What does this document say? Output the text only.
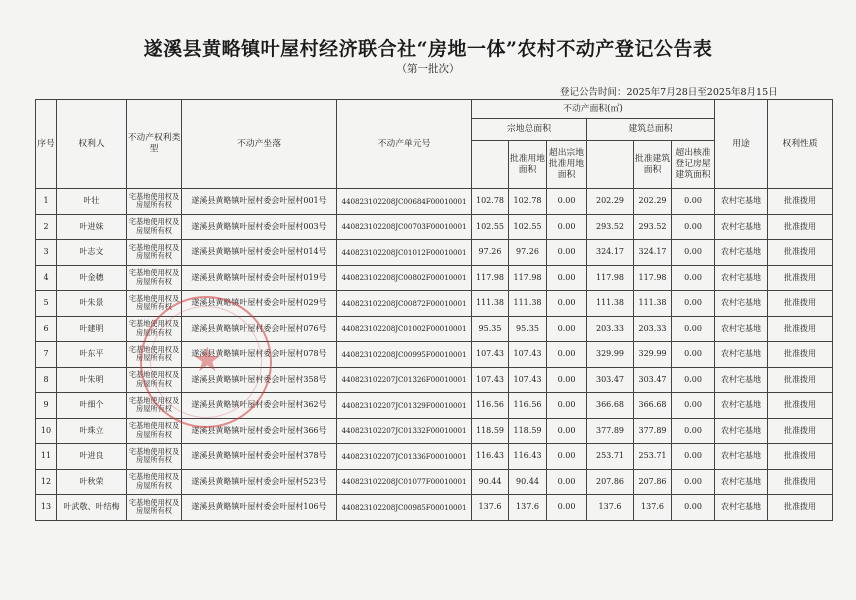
遂溪县黄略镇叶屋村经济联合社“房地一体”农村不动产登记公告表
（第一批次）
登记公告时间：2025年7月28日至2025年8月15日
序号	权利人	不动产权利类型	不动产坐落	不动产单元号	不动产面积(㎡)						用途	权利性质
					宗地总面积			建筑总面积				
						批准用地面积	超出宗地批准用地面积		批准建筑面积	超出核准登记房屋建筑面积		
1	叶壮	宅基地使用权及房屋所有权	遂溪县黄略镇叶屋村委会叶屋村001号	440823102208JC00684F00010001	102.78	102.78	0.00	202.29	202.29	0.00	农村宅基地	批准拨用
2	叶进妹	宅基地使用权及房屋所有权	遂溪县黄略镇叶屋村委会叶屋村003号	440823102208JC00703F00010001	102.55	102.55	0.00	293.52	293.52	0.00	农村宅基地	批准拨用
3	叶志文	宅基地使用权及房屋所有权	遂溪县黄略镇叶屋村委会叶屋村014号	440823102208JC01012F00010001	97.26	97.26	0.00	324.17	324.17	0.00	农村宅基地	批准拨用
4	叶金穗	宅基地使用权及房屋所有权	遂溪县黄略镇叶屋村委会叶屋村019号	440823102208JC00802F00010001	117.98	117.98	0.00	117.98	117.98	0.00	农村宅基地	批准拨用
5	叶朱景	宅基地使用权及房屋所有权	遂溪县黄略镇叶屋村委会叶屋村029号	440823102208JC00872F00010001	111.38	111.38	0.00	111.38	111.38	0.00	农村宅基地	批准拨用
6	叶建明	宅基地使用权及房屋所有权	遂溪县黄略镇叶屋村委会叶屋村076号	440823102208JC01002F00010001	95.35	95.35	0.00	203.33	203.33	0.00	农村宅基地	批准拨用
7	叶东平	宅基地使用权及房屋所有权	遂溪县黄略镇叶屋村委会叶屋村078号	440823102208JC00995F00010001	107.43	107.43	0.00	329.99	329.99	0.00	农村宅基地	批准拨用
8	叶朱明	宅基地使用权及房屋所有权	遂溪县黄略镇叶屋村委会叶屋村358号	440823102207JC01326F00010001	107.43	107.43	0.00	303.47	303.47	0.00	农村宅基地	批准拨用
9	叶细个	宅基地使用权及房屋所有权	遂溪县黄略镇叶屋村委会叶屋村362号	440823102207JC01329F00010001	116.56	116.56	0.00	366.68	366.68	0.00	农村宅基地	批准拨用
10	叶珠立	宅基地使用权及房屋所有权	遂溪县黄略镇叶屋村委会叶屋村366号	440823102207JC01332F00010001	118.59	118.59	0.00	377.89	377.89	0.00	农村宅基地	批准拨用
11	叶进良	宅基地使用权及房屋所有权	遂溪县黄略镇叶屋村委会叶屋村378号	440823102207JC01336F00010001	116.43	116.43	0.00	253.71	253.71	0.00	农村宅基地	批准拨用
12	叶秋荣	宅基地使用权及房屋所有权	遂溪县黄略镇叶屋村委会叶屋村523号	440823102208JC01077F00010001	90.44	90.44	0.00	207.86	207.86	0.00	农村宅基地	批准拨用
13	叶武敬、叶结梅	宅基地使用权及房屋所有权	遂溪县黄略镇叶屋村委会叶屋村106号	440823102208JC00985F00010001	137.6	137.6	0.00	137.6	137.6	0.00	农村宅基地	批准拨用
★
